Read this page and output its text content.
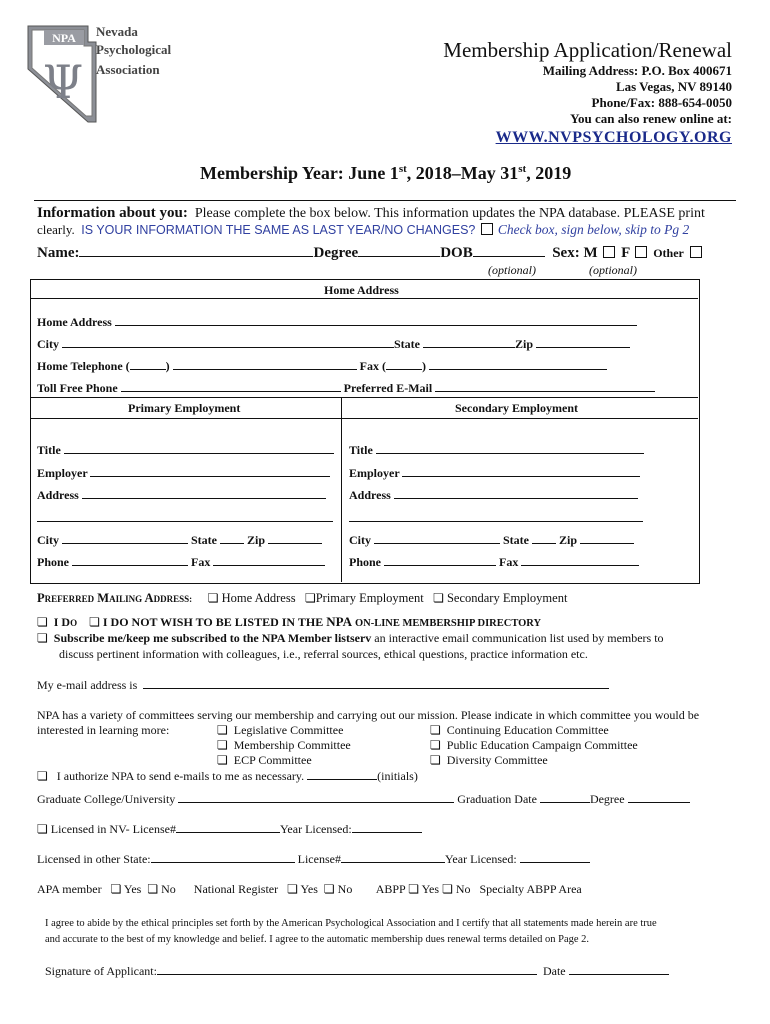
NPA
Ψ
Nevada
Psychological
Association
Membership Application/Renewal
Mailing Address: P.O. Box 400671
Las Vegas, NV 89140
Phone/Fax: 888-654-0050
You can also renew online at:
WWW.NVPSYCHOLOGY.ORG
Membership Year: June 1st, 2018–May 31st, 2019
Information about you: Please complete the box below. This information updates the NPA database. PLEASE print
clearly. IS YOUR INFORMATION THE SAME AS LAST YEAR/NO CHANGES? Check box, sign below, skip to Pg 2
Name:	Degree	DOB	Sex: M F Other
(optional)	(optional)
Home Address
Home Address
City	State	Zip
Home Telephone (	)	Fax (	)
Toll Free Phone	Preferred E-Mail
Primary Employment	Secondary Employment
Title
Employer
Address
City	State	Zip
Phone	Fax
Title
Employer
Address
City	State	Zip
Phone	Fax
PREFERRED MAILING ADDRESS: ❏ Home Address ❏Primary Employment ❏ Secondary Employment
❏ I DO ❏ I DO NOT WISH TO BE LISTED IN THE NPA ON-LINE MEMBERSHIP DIRECTORY
❏ Subscribe me/keep me subscribed to the NPA Member listserv an interactive email communication list used by members to
discuss pertinent information with colleagues, i.e., referral sources, ethical questions, practice information etc.
My e-mail address is
NPA has a variety of committees serving our membership and carrying out our mission. Please indicate in which committee you would be
interested in learning more:	❏ Legislative Committee
❏ Membership Committee
❏ ECP Committee
❏ Continuing Education Committee
❏ Public Education Campaign Committee
❏ Diversity Committee
❏ I authorize NPA to send e-mails to me as necessary.	(initials)
Graduate College/University	Graduation Date	Degree
❏ Licensed in NV- License#	Year Licensed:
Licensed in other State:	License#	Year Licensed:
APA member ❏ Yes ❏ No National Register ❏ Yes ❏ No ABPP ❏ Yes ❏ No Specialty ABPP Area
I agree to abide by the ethical principles set forth by the American Psychological Association and I certify that all statements made herein are true
and accurate to the best of my knowledge and belief. I agree to the automatic membership dues renewal terms detailed on Page 2.
Signature of Applicant:	Date
